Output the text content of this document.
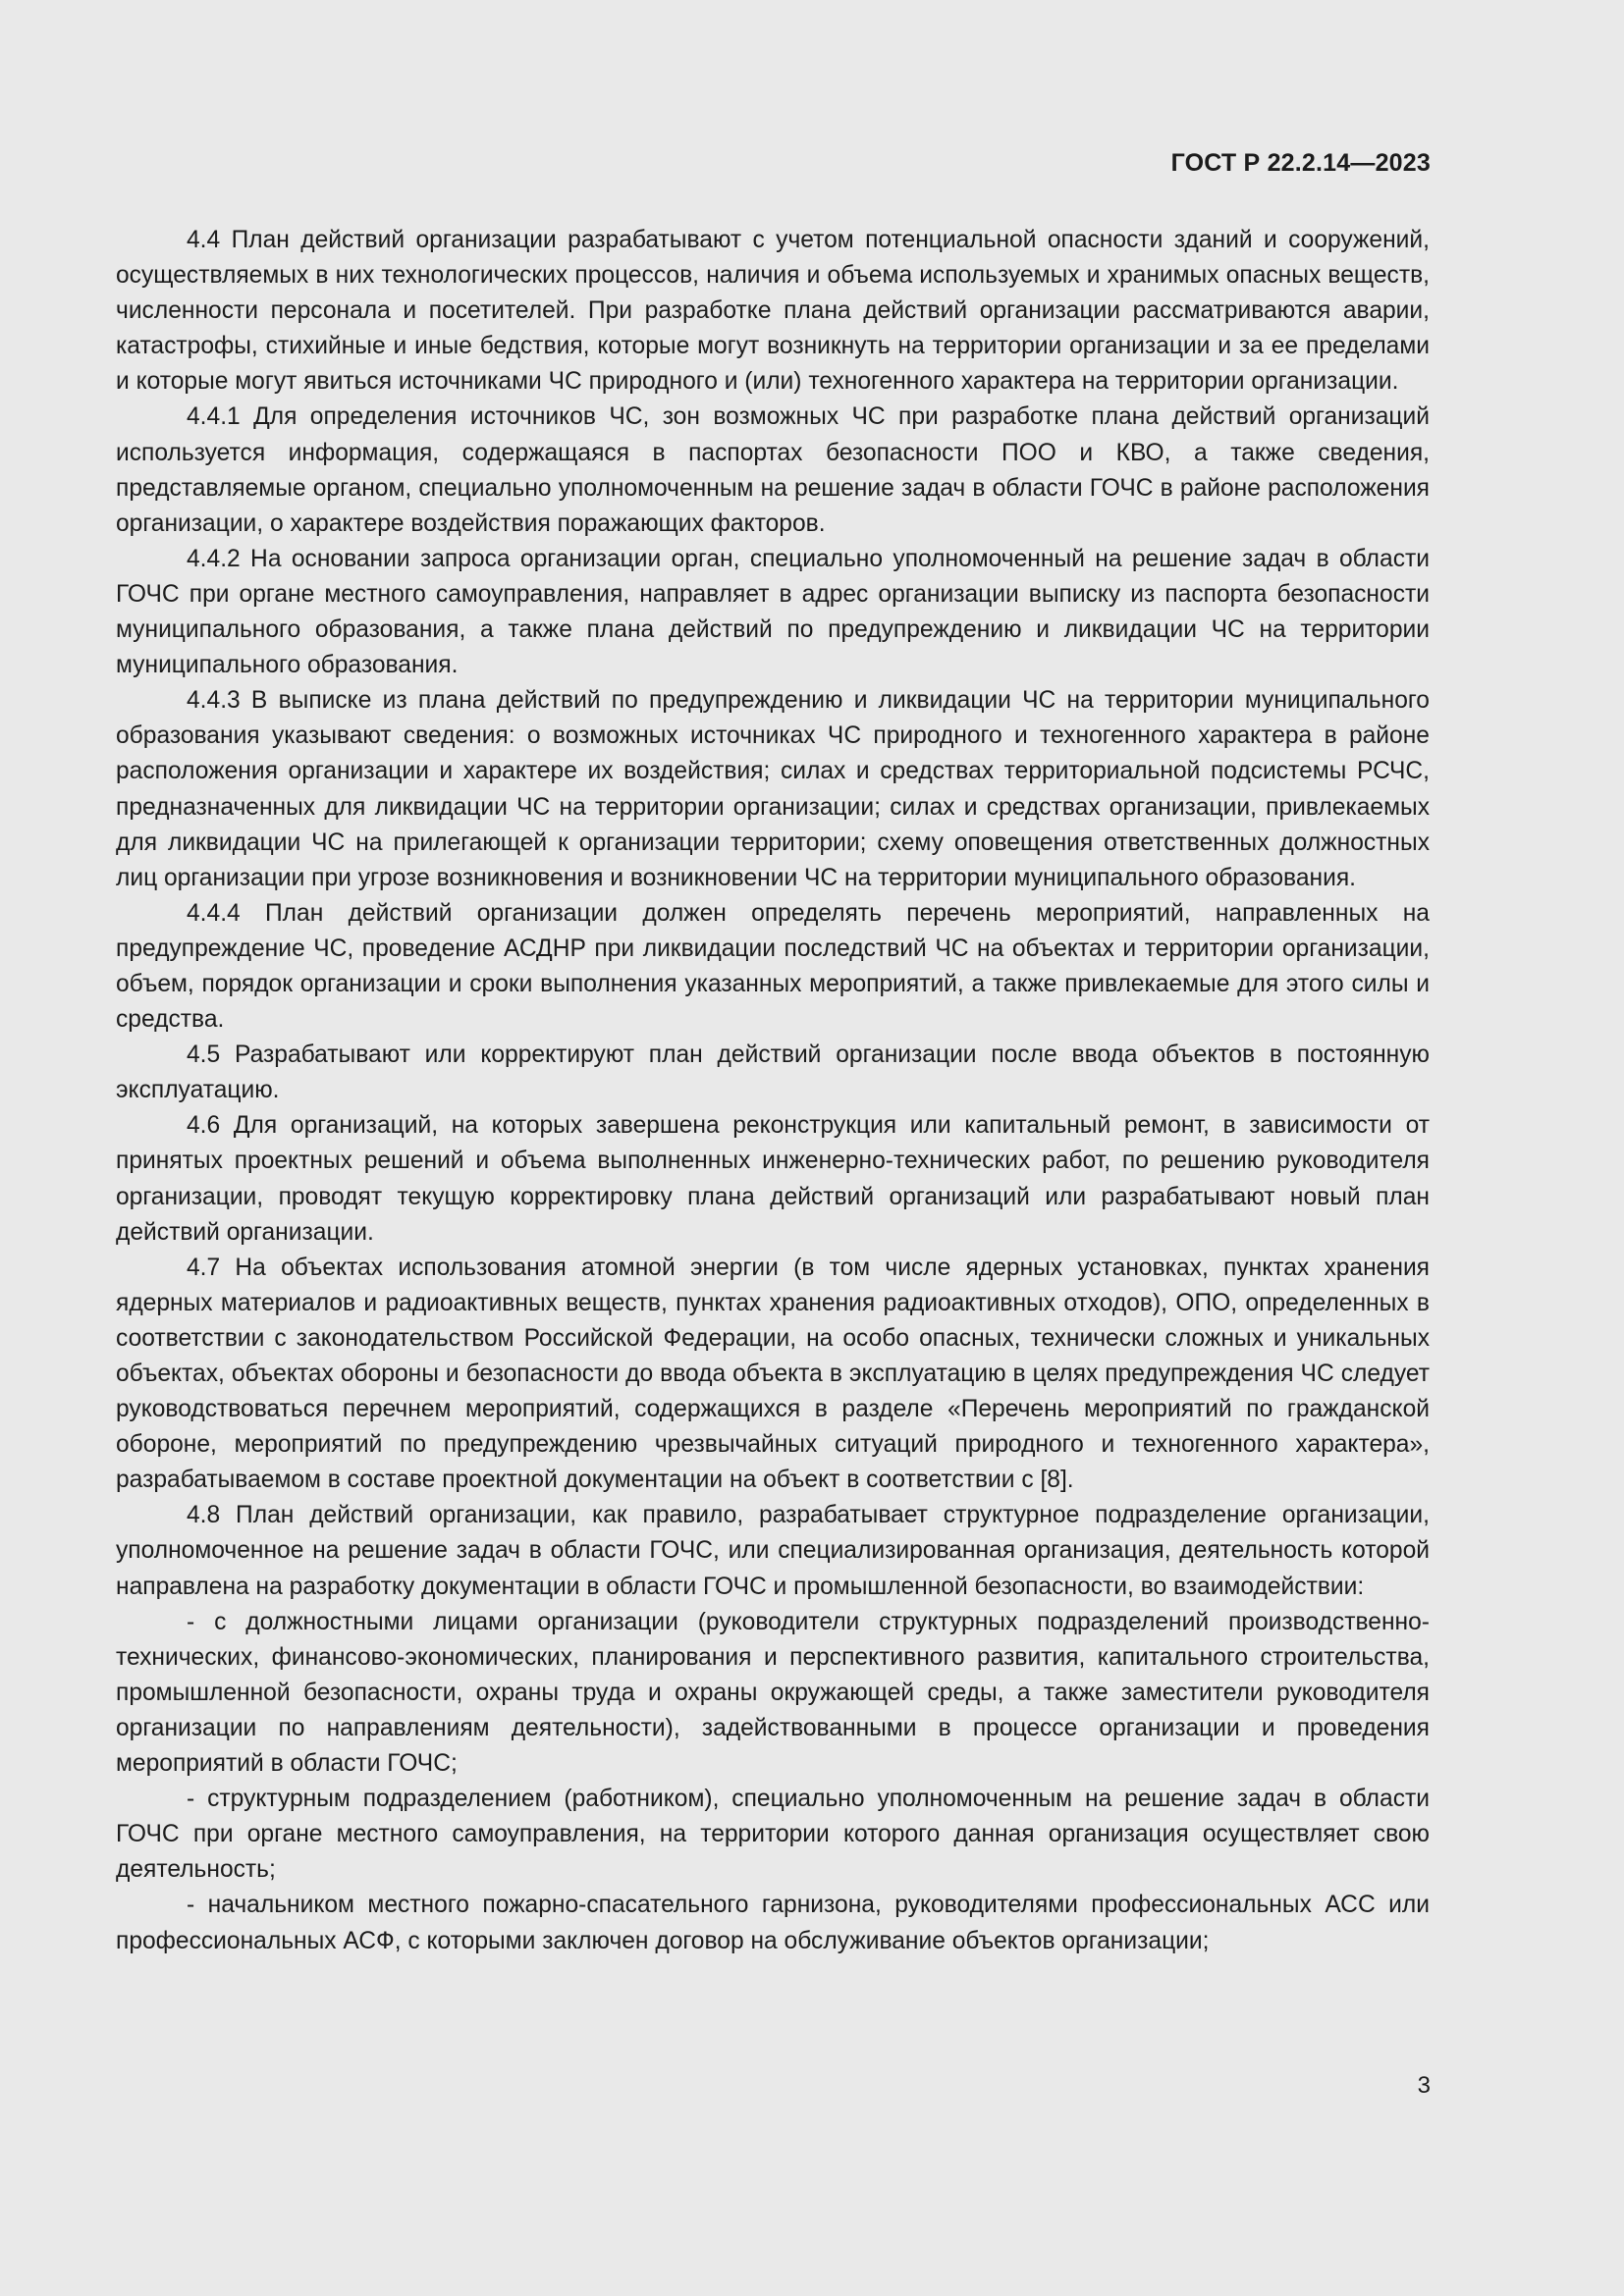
ГОСТ Р 22.2.14—2023

4.4 План действий организации разрабатывают с учетом потенциальной опасности зданий и сооружений, осуществляемых в них технологических процессов, наличия и объема используемых и хранимых опасных веществ, численности персонала и посетителей. При разработке плана действий организации рассматриваются аварии, катастрофы, стихийные и иные бедствия, которые могут возникнуть на территории организации и за ее пределами и которые могут явиться источниками ЧС природного и (или) техногенного характера на территории организации.

4.4.1 Для определения источников ЧС, зон возможных ЧС при разработке плана действий организаций используется информация, содержащаяся в паспортах безопасности ПОО и КВО, а также сведения, представляемые органом, специально уполномоченным на решение задач в области ГОЧС в районе расположения организации, о характере воздействия поражающих факторов.

4.4.2 На основании запроса организации орган, специально уполномоченный на решение задач в области ГОЧС при органе местного самоуправления, направляет в адрес организации выписку из паспорта безопасности муниципального образования, а также плана действий по предупреждению и ликвидации ЧС на территории муниципального образования.

4.4.3 В выписке из плана действий по предупреждению и ликвидации ЧС на территории муниципального образования указывают сведения: о возможных источниках ЧС природного и техногенного характера в районе расположения организации и характере их воздействия; силах и средствах территориальной подсистемы РСЧС, предназначенных для ликвидации ЧС на территории организации; силах и средствах организации, привлекаемых для ликвидации ЧС на прилегающей к организации территории; схему оповещения ответственных должностных лиц организации при угрозе возникновения и возникновении ЧС на территории муниципального образования.

4.4.4 План действий организации должен определять перечень мероприятий, направленных на предупреждение ЧС, проведение АСДНР при ликвидации последствий ЧС на объектах и территории организации, объем, порядок организации и сроки выполнения указанных мероприятий, а также привлекаемые для этого силы и средства.

4.5 Разрабатывают или корректируют план действий организации после ввода объектов в постоянную эксплуатацию.

4.6 Для организаций, на которых завершена реконструкция или капитальный ремонт, в зависимости от принятых проектных решений и объема выполненных инженерно-технических работ, по решению руководителя организации, проводят текущую корректировку плана действий организаций или разрабатывают новый план действий организации.

4.7 На объектах использования атомной энергии (в том числе ядерных установках, пунктах хранения ядерных материалов и радиоактивных веществ, пунктах хранения радиоактивных отходов), ОПО, определенных в соответствии с законодательством Российской Федерации, на особо опасных, технически сложных и уникальных объектах, объектах обороны и безопасности до ввода объекта в эксплуатацию в целях предупреждения ЧС следует руководствоваться перечнем мероприятий, содержащихся в разделе «Перечень мероприятий по гражданской обороне, мероприятий по предупреждению чрезвычайных ситуаций природного и техногенного характера», разрабатываемом в составе проектной документации на объект в соответствии с [8].

4.8 План действий организации, как правило, разрабатывает структурное подразделение организации, уполномоченное на решение задач в области ГОЧС, или специализированная организация, деятельность которой направлена на разработку документации в области ГОЧС и промышленной безопасности, во взаимодействии:

- с должностными лицами организации (руководители структурных подразделений производственно-технических, финансово-экономических, планирования и перспективного развития, капитального строительства, промышленной безопасности, охраны труда и охраны окружающей среды, а также заместители руководителя организации по направлениям деятельности), задействованными в процессе организации и проведения мероприятий в области ГОЧС;

- структурным подразделением (работником), специально уполномоченным на решение задач в области ГОЧС при органе местного самоуправления, на территории которого данная организация осуществляет свою деятельность;

- начальником местного пожарно-спасательного гарнизона, руководителями профессиональных АСС или профессиональных АСФ, с которыми заключен договор на обслуживание объектов организации;

3
